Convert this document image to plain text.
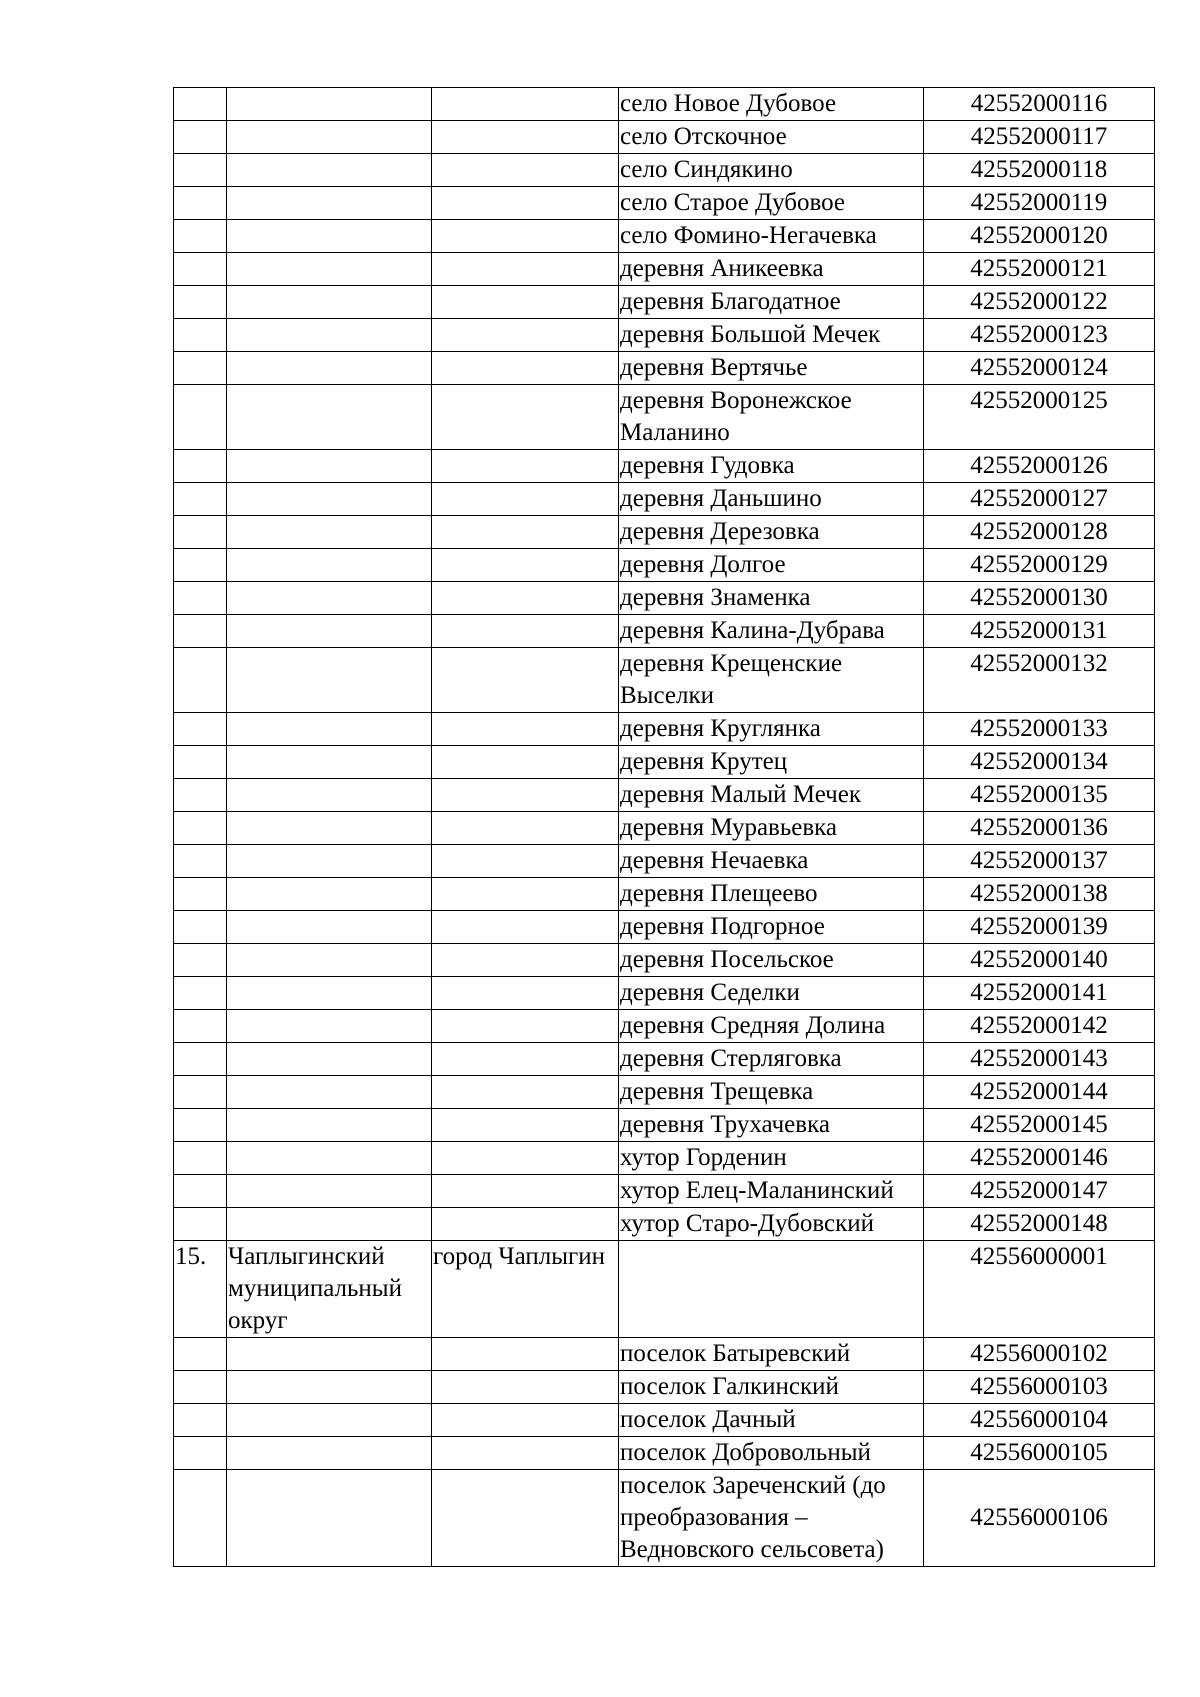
			село Новое Дубовое	42552000116
			село Отскочное	42552000117
			село Синдякино	42552000118
			село Старое Дубовое	42552000119
			село Фомино-Негачевка	42552000120
			деревня Аникеевка	42552000121
			деревня Благодатное	42552000122
			деревня Большой Мечек	42552000123
			деревня Вертячье	42552000124
			деревня Воронежское Маланино	42552000125
			деревня Гудовка	42552000126
			деревня Даньшино	42552000127
			деревня Дерезовка	42552000128
			деревня Долгое	42552000129
			деревня Знаменка	42552000130
			деревня Калина-Дубрава	42552000131
			деревня Крещенские Выселки	42552000132
			деревня Круглянка	42552000133
			деревня Крутец	42552000134
			деревня Малый Мечек	42552000135
			деревня Муравьевка	42552000136
			деревня Нечаевка	42552000137
			деревня Плещеево	42552000138
			деревня Подгорное	42552000139
			деревня Посельское	42552000140
			деревня Седелки	42552000141
			деревня Средняя Долина	42552000142
			деревня Стерляговка	42552000143
			деревня Трещевка	42552000144
			деревня Трухачевка	42552000145
			хутор Горденин	42552000146
			хутор Елец-Маланинский	42552000147
			хутор Старо-Дубовский	42552000148
15.	Чаплыгинский муниципальный округ	город Чаплыгин		42556000001
			поселок Батыревский	42556000102
			поселок Галкинский	42556000103
			поселок Дачный	42556000104
			поселок Добровольный	42556000105
			поселок Зареченский (до преобразования – Ведновского сельсовета)	42556000106
